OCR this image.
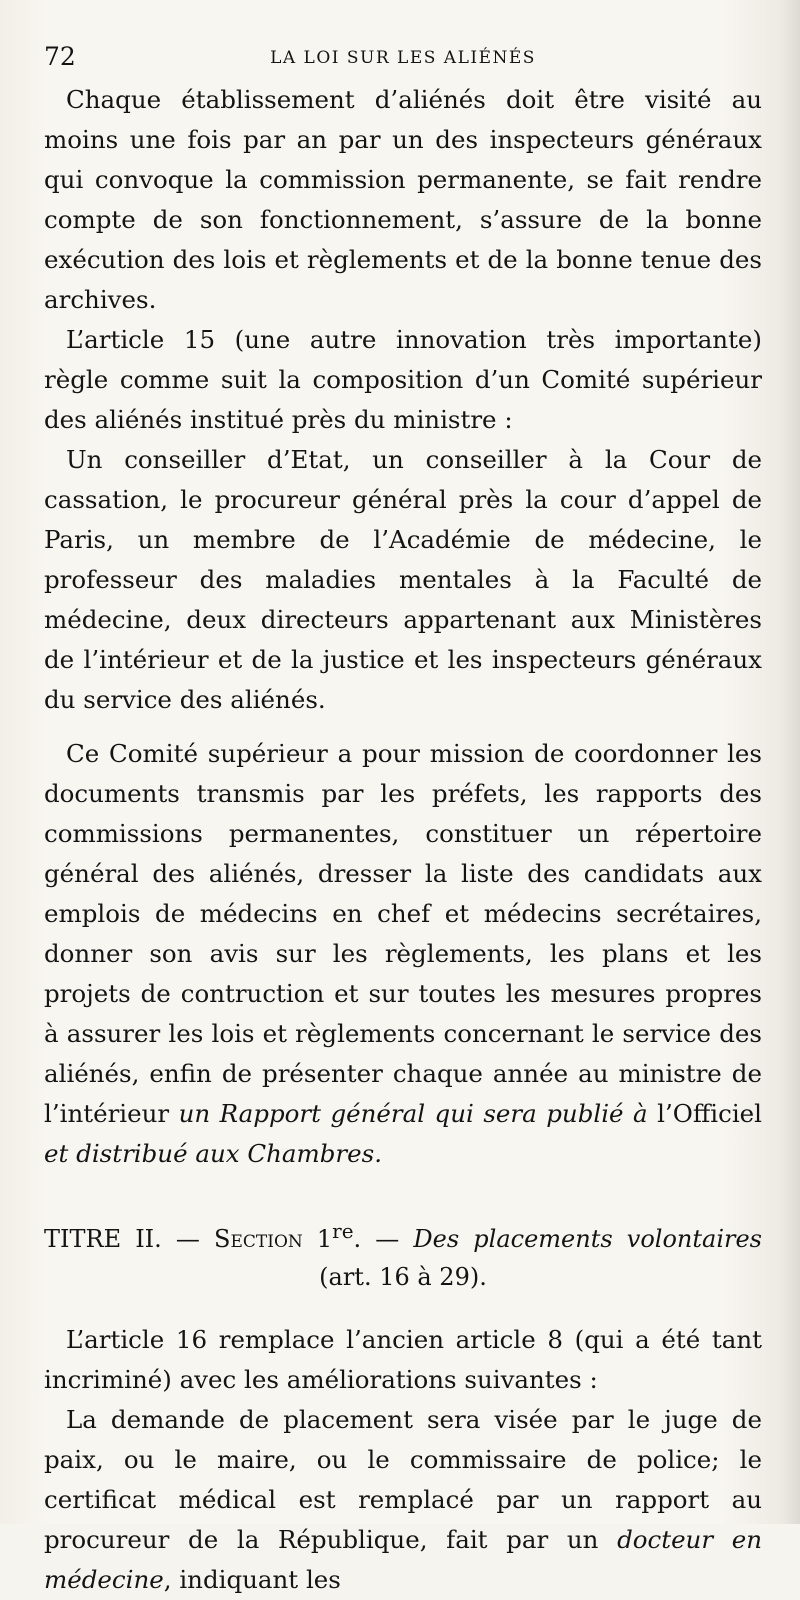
72	LA LOI SUR LES ALIÉNÉS

Chaque établissement d’aliénés doit être visité au moins une fois par an par un des inspecteurs généraux qui convoque la commission permanente, se fait rendre compte de son fonctionnement, s’assure de la bonne exécution des lois et règlements et de la bonne tenue des archives.

L’article 15 (une autre innovation très importante) règle comme suit la composition d’un Comité supérieur des aliénés institué près du ministre :

Un conseiller d’Etat, un conseiller à la Cour de cassation, le procureur général près la cour d’appel de Paris, un membre de l’Académie de médecine, le professeur des maladies mentales à la Faculté de médecine, deux directeurs appartenant aux Ministères de l’intérieur et de la justice et les inspecteurs généraux du service des aliénés.

Ce Comité supérieur a pour mission de coordonner les documents transmis par les préfets, les rapports des commissions permanentes, constituer un répertoire général des aliénés, dresser la liste des candidats aux emplois de médecins en chef et médecins secrétaires, donner son avis sur les règlements, les plans et les projets de contruction et sur toutes les mesures propres à assurer les lois et règlements concernant le service des aliénés, enfin de présenter chaque année au ministre de l’intérieur un Rapport général qui sera publié à l’Officiel et distribué aux Chambres.

TITRE II. — Section 1re. — Des placements volontaires
(art. 16 à 29).

L’article 16 remplace l’ancien article 8 (qui a été tant incriminé) avec les améliorations suivantes :

La demande de placement sera visée par le juge de paix, ou le maire, ou le commissaire de police; le certificat médical est remplacé par un rapport au procureur de la République, fait par un docteur en médecine, indiquant les
